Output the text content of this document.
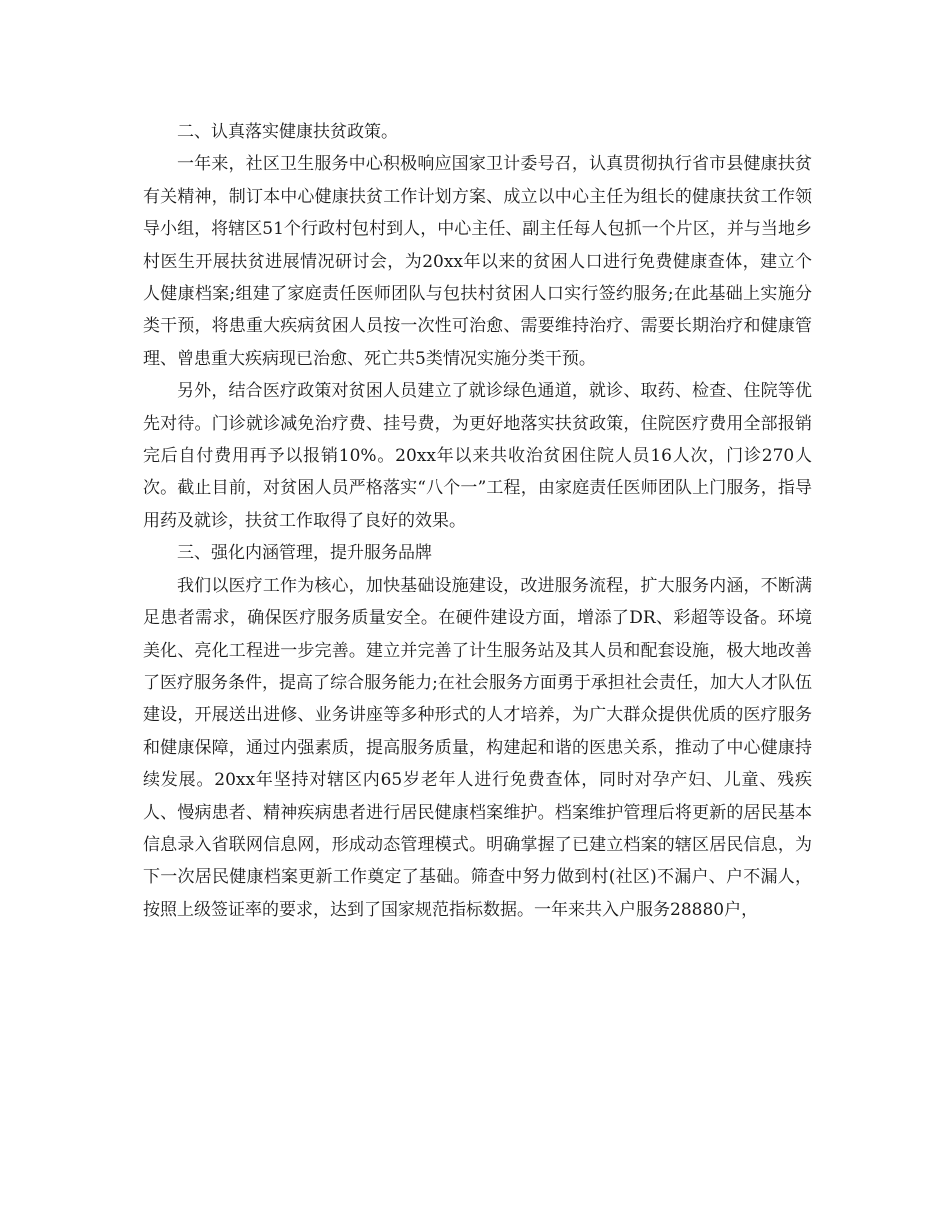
二、认真落实健康扶贫政策。

一年来，社区卫生服务中心积极响应国家卫计委号召，认真贯彻执行省市县健康扶贫有关精神，制订本中心健康扶贫工作计划方案、成立以中心主任为组长的健康扶贫工作领导小组，将辖区51个行政村包村到人，中心主任、副主任每人包抓一个片区，并与当地乡村医生开展扶贫进展情况研讨会，为20xx年以来的贫困人口进行免费健康查体，建立个人健康档案;组建了家庭责任医师团队与包扶村贫困人口实行签约服务;在此基础上实施分类干预，将患重大疾病贫困人员按一次性可治愈、需要维持治疗、需要长期治疗和健康管理、曾患重大疾病现已治愈、死亡共5类情况实施分类干预。

另外，结合医疗政策对贫困人员建立了就诊绿色通道，就诊、取药、检查、住院等优先对待。门诊就诊减免治疗费、挂号费，为更好地落实扶贫政策，住院医疗费用全部报销完后自付费用再予以报销10%。20xx年以来共收治贫困住院人员16人次，门诊270人次。截止目前，对贫困人员严格落实“八个一”工程，由家庭责任医师团队上门服务，指导用药及就诊，扶贫工作取得了良好的效果。

三、强化内涵管理，提升服务品牌

我们以医疗工作为核心，加快基础设施建设，改进服务流程，扩大服务内涵，不断满足患者需求，确保医疗服务质量安全。在硬件建设方面，增添了DR、彩超等设备。环境美化、亮化工程进一步完善。建立并完善了计生服务站及其人员和配套设施，极大地改善了医疗服务条件，提高了综合服务能力;在社会服务方面勇于承担社会责任，加大人才队伍建设，开展送出进修、业务讲座等多种形式的人才培养，为广大群众提供优质的医疗服务和健康保障，通过内强素质，提高服务质量，构建起和谐的医患关系，推动了中心健康持续发展。20xx年坚持对辖区内65岁老年人进行免费查体，同时对孕产妇、儿童、残疾人、慢病患者、精神疾病患者进行居民健康档案维护。档案维护管理后将更新的居民基本信息录入省联网信息网，形成动态管理模式。明确掌握了已建立档案的辖区居民信息，为下一次居民健康档案更新工作奠定了基础。筛查中努力做到村(社区)不漏户、户不漏人，按照上级签证率的要求，达到了国家规范指标数据。一年来共入户服务28880户，
